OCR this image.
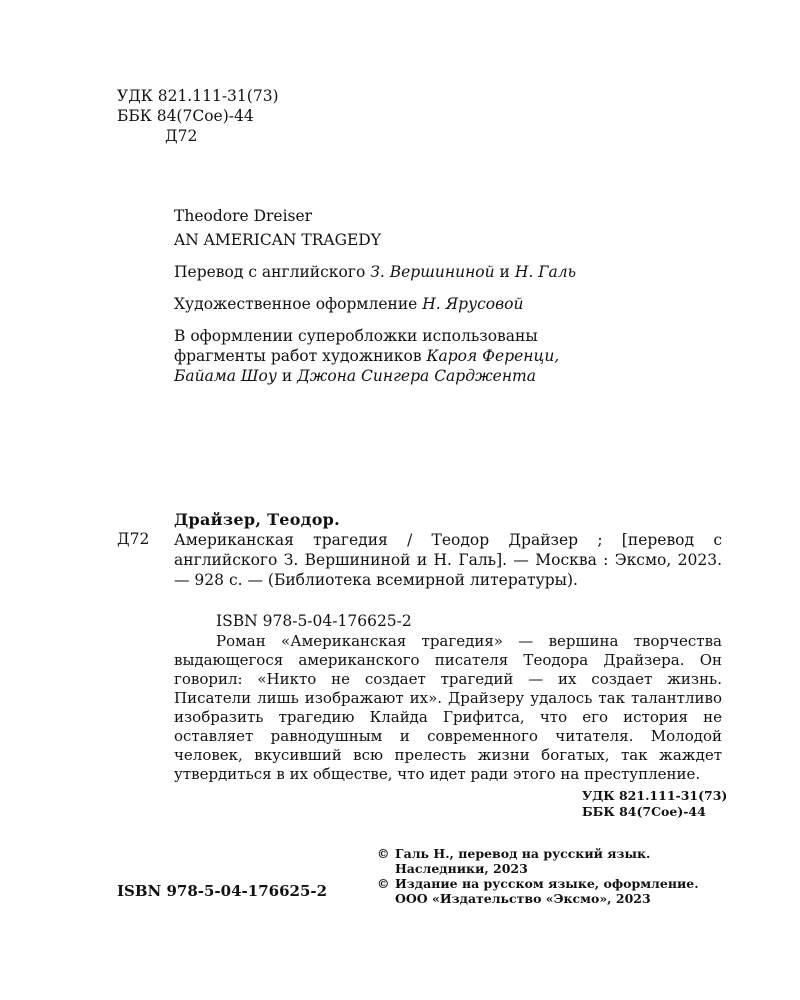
УДК 821.111-31(73)
ББК 84(7Сое)-44
Д72
Theodore Dreiser
AN AMERICAN TRAGEDY
Перевод с английского З. Вершининой и Н. Галь
Художественное оформление Н. Ярусовой
В оформлении суперобложки использованы
фрагменты работ художников Кароя Ференци,
Байама Шоу и Джона Сингера Сарджента
Драйзер, Теодор.
Д72 Американская трагедия / Теодор Драйзер ; [перевод с английского З. Вершининой и Н. Галь]. — Москва : Эксмо, 2023. — 928 с. — (Библиотека всемирной литературы).
ISBN 978-5-04-176625-2
Роман «Американская трагедия» — вершина творчества выдающегося американского писателя Теодора Драйзера. Он говорил: «Никто не создает трагедий — их создает жизнь. Писатели лишь изображают их». Драйзеру удалось так талантливо изобразить трагедию Клайда Грифитса, что его история не оставляет равнодушным и современного читателя. Молодой человек, вкусивший всю прелесть жизни богатых, так жаждет утвердиться в их обществе, что идет ради этого на преступление.
УДК 821.111-31(73)
ББК 84(7Сое)-44
© Галь Н., перевод на русский язык.
Наследники, 2023
© Издание на русском языке, оформление.
ООО «Издательство «Эксмо», 2023
ISBN 978-5-04-176625-2
